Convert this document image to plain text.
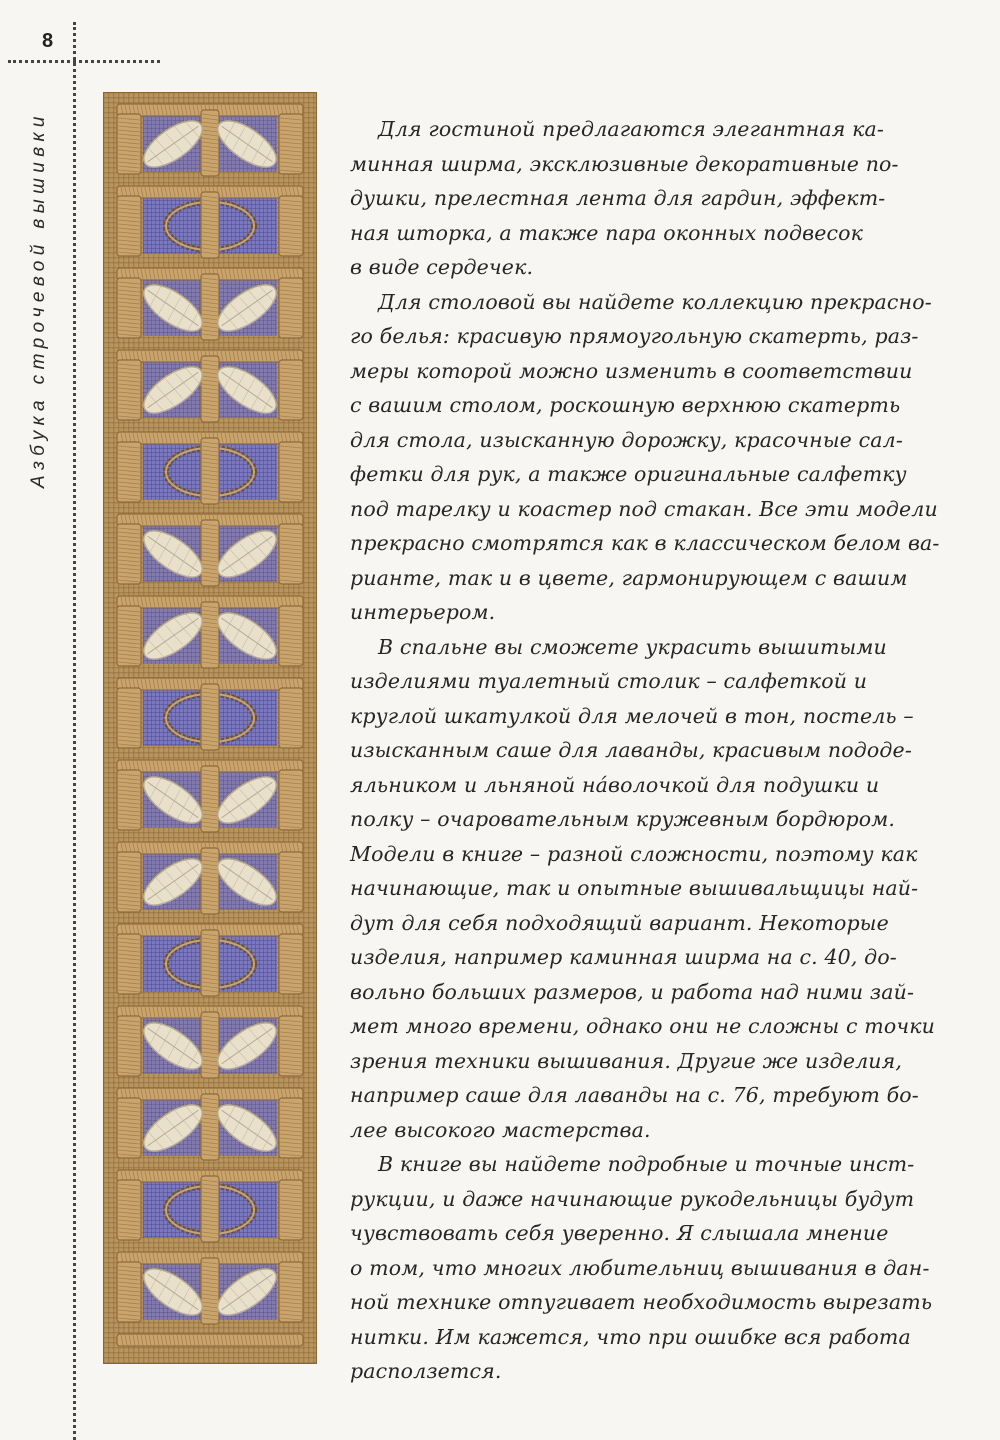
8
Азбука строчевой вышивки	Для гостиной предлагаются элегантная ка-
минная ширма, эксклюзивные декоративные по-
душки, прелестная лента для гардин, эффект-
ная шторка, а также пара оконных подвесок
в виде сердечек.
Для столовой вы найдете коллекцию прекрасно-
го белья: красивую прямоугольную скатерть, раз-
меры которой можно изменить в соответствии
с вашим столом, роскошную верхнюю скатерть
для стола, изысканную дорожку, красочные сал-
фетки для рук, а также оригинальные салфетку
под тарелку и коастер под стакан. Все эти модели
прекрасно смотрятся как в классическом белом ва-
рианте, так и в цвете, гармонирующем с вашим
интерьером.
В спальне вы сможете украсить вышитыми
изделиями туалетный столик – салфеткой и
круглой шкатулкой для мелочей в тон, постель –
изысканным саше для лаванды, красивым пододе-
яльником и льняной на́волочкой для подушки и
полку – очаровательным кружевным бордюром.
Модели в книге – разной сложности, поэтому как
начинающие, так и опытные вышивальщицы най-
дут для себя подходящий вариант. Некоторые
изделия, например каминная ширма на с. 40, до-
вольно больших размеров, и работа над ними зай-
мет много времени, однако они не сложны с точки
зрения техники вышивания. Другие же изделия,
например саше для лаванды на с. 76, требуют бо-
лее высокого мастерства.
В книге вы найдете подробные и точные инст-
рукции, и даже начинающие рукодельницы будут
чувствовать себя уверенно. Я слышала мнение
о том, что многих любительниц вышивания в дан-
ной технике отпугивает необходимость вырезать
нитки. Им кажется, что при ошибке вся работа
расползется.
